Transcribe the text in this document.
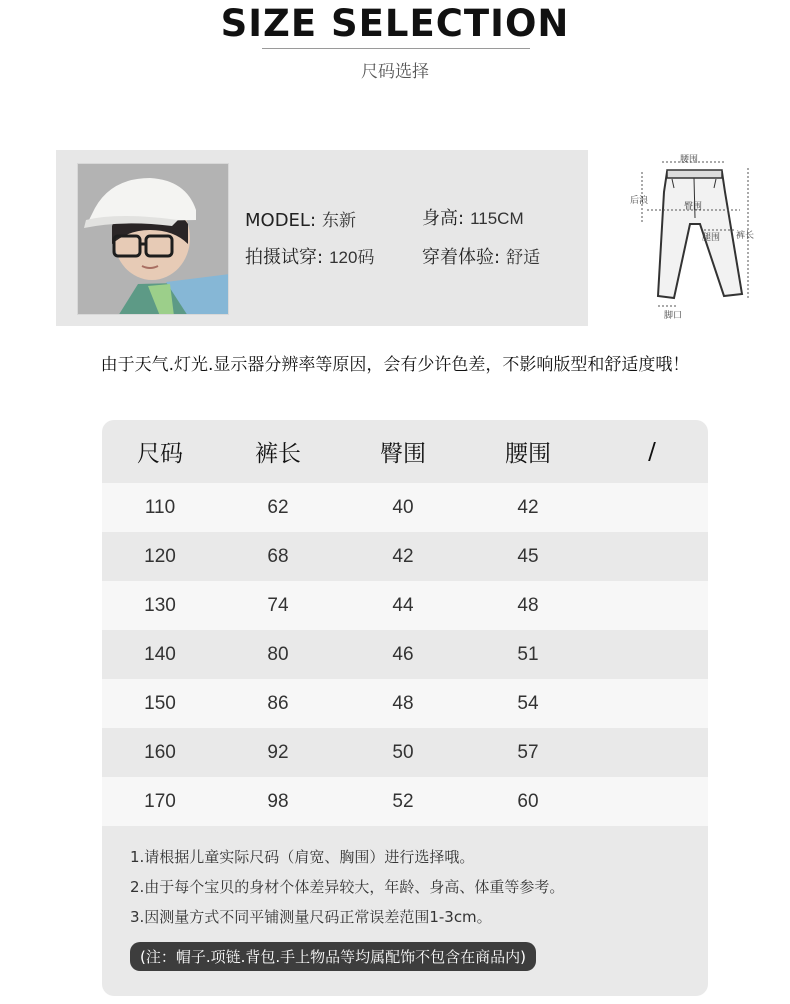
SIZE SELECTION
尺码选择
MODEL: 东新	身高: 115CM
拍摄试穿: 120码	穿着体验: 舒适
腰围
后浪
臀围
腿围 裤长
脚口
由于天气.灯光.显示器分辨率等原因，会有少许色差，不影响版型和舒适度哦！
尺码	裤长	臀围	腰围	/
110	62	40	42
120	68	42	45
130	74	44	48
140	80	46	51
150	86	48	54
160	92	50	57
170	98	52	60
1.请根据儿童实际尺码（肩宽、胸围）进行选择哦。
2.由于每个宝贝的身材个体差异较大，年龄、身高、体重等参考。
3.因测量方式不同平铺测量尺码正常误差范围1-3cm。
(注：帽子.项链.背包.手上物品等均属配饰不包含在商品内)
